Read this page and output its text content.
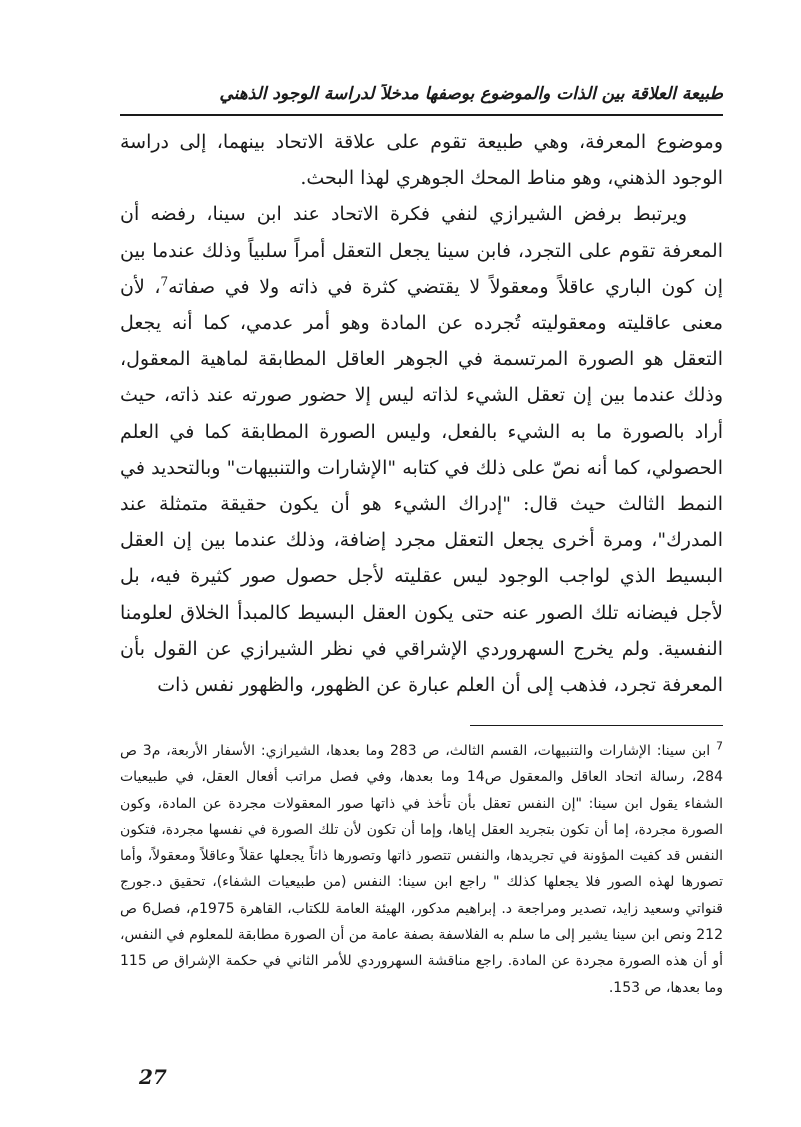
طبيعة العلاقة بين الذات والموضوع بوصفها مدخلاً لدراسة الوجود الذهني

وموضوع المعرفة، وهي طبيعة تقوم على علاقة الاتحاد بينهما، إلى دراسة الوجود الذهني، وهو مناط المحك الجوهري لهذا البحث.

ويرتبط برفض الشيرازي لنفي فكرة الاتحاد عند ابن سينا، رفضه أن المعرفة تقوم على التجرد، فابن سينا يجعل التعقل أمراً سلبياً وذلك عندما بين إن كون الباري عاقلاً ومعقولاً لا يقتضي كثرة في ذاته ولا في صفاته$^7$، لأن معنى عاقليته ومعقوليته تُجرده عن المادة وهو أمر عدمي، كما أنه يجعل التعقل هو الصورة المرتسمة في الجوهر العاقل المطابقة لماهية المعقول، وذلك عندما بين إن تعقل الشيء لذاته ليس إلا حضور صورته عند ذاته، حيث أراد بالصورة ما به الشيء بالفعل، وليس الصورة المطابقة كما في العلم الحصولي، كما أنه نصّ على ذلك في كتابه "الإشارات والتنبيهات" وبالتحديد في النمط الثالث حيث قال: "إدراك الشيء هو أن يكون حقيقة متمثلة عند المدرك"، ومرة أخرى يجعل التعقل مجرد إضافة، وذلك عندما بين إن العقل البسيط الذي لواجب الوجود ليس عقليته لأجل حصول صور كثيرة فيه، بل لأجل فيضانه تلك الصور عنه حتى يكون العقل البسيط كالمبدأ الخلاق لعلومنا النفسية. ولم يخرج السهروردي الإشراقي في نظر الشيرازي عن القول بأن المعرفة تجرد، فذهب إلى أن العلم عبارة عن الظهور، والظهور نفس ذات

$^7$ ابن سينا: الإشارات والتنبيهات، القسم الثالث، ص 283 وما بعدها، الشيرازي: الأسفار الأربعة، م3 ص 284، رسالة اتحاد العاقل والمعقول ص14 وما بعدها، وفي فصل مراتب أفعال العقل، في طبيعيات الشفاء يقول ابن سينا: "إن النفس تعقل بأن تأخذ في ذاتها صور المعقولات مجردة عن المادة، وكون الصورة مجردة، إما أن تكون بتجريد العقل إياها، وإما أن تكون لأن تلك الصورة في نفسها مجردة، فتكون النفس قد كفيت المؤونة في تجريدها، والنفس تتصور ذاتها وتصورها ذاتاً يجعلها عقلاً وعاقلاً ومعقولاً، وأما تصورها لهذه الصور فلا يجعلها كذلك " راجع ابن سينا: النفس (من طبيعيات الشفاء)، تحقيق د.جورج قنواتي وسعيد زايد، تصدير ومراجعة د. إبراهيم مدكور، الهيئة العامة للكتاب، القاهرة 1975م، فصل6 ص 212 ونص ابن سينا يشير إلى ما سلم به الفلاسفة بصفة عامة من أن الصورة مطابقة للمعلوم في النفس، أو أن هذه الصورة مجردة عن المادة. راجع مناقشة السهروردي للأمر الثاني في حكمة الإشراق ص 115 وما بعدها، ص 153.
27
